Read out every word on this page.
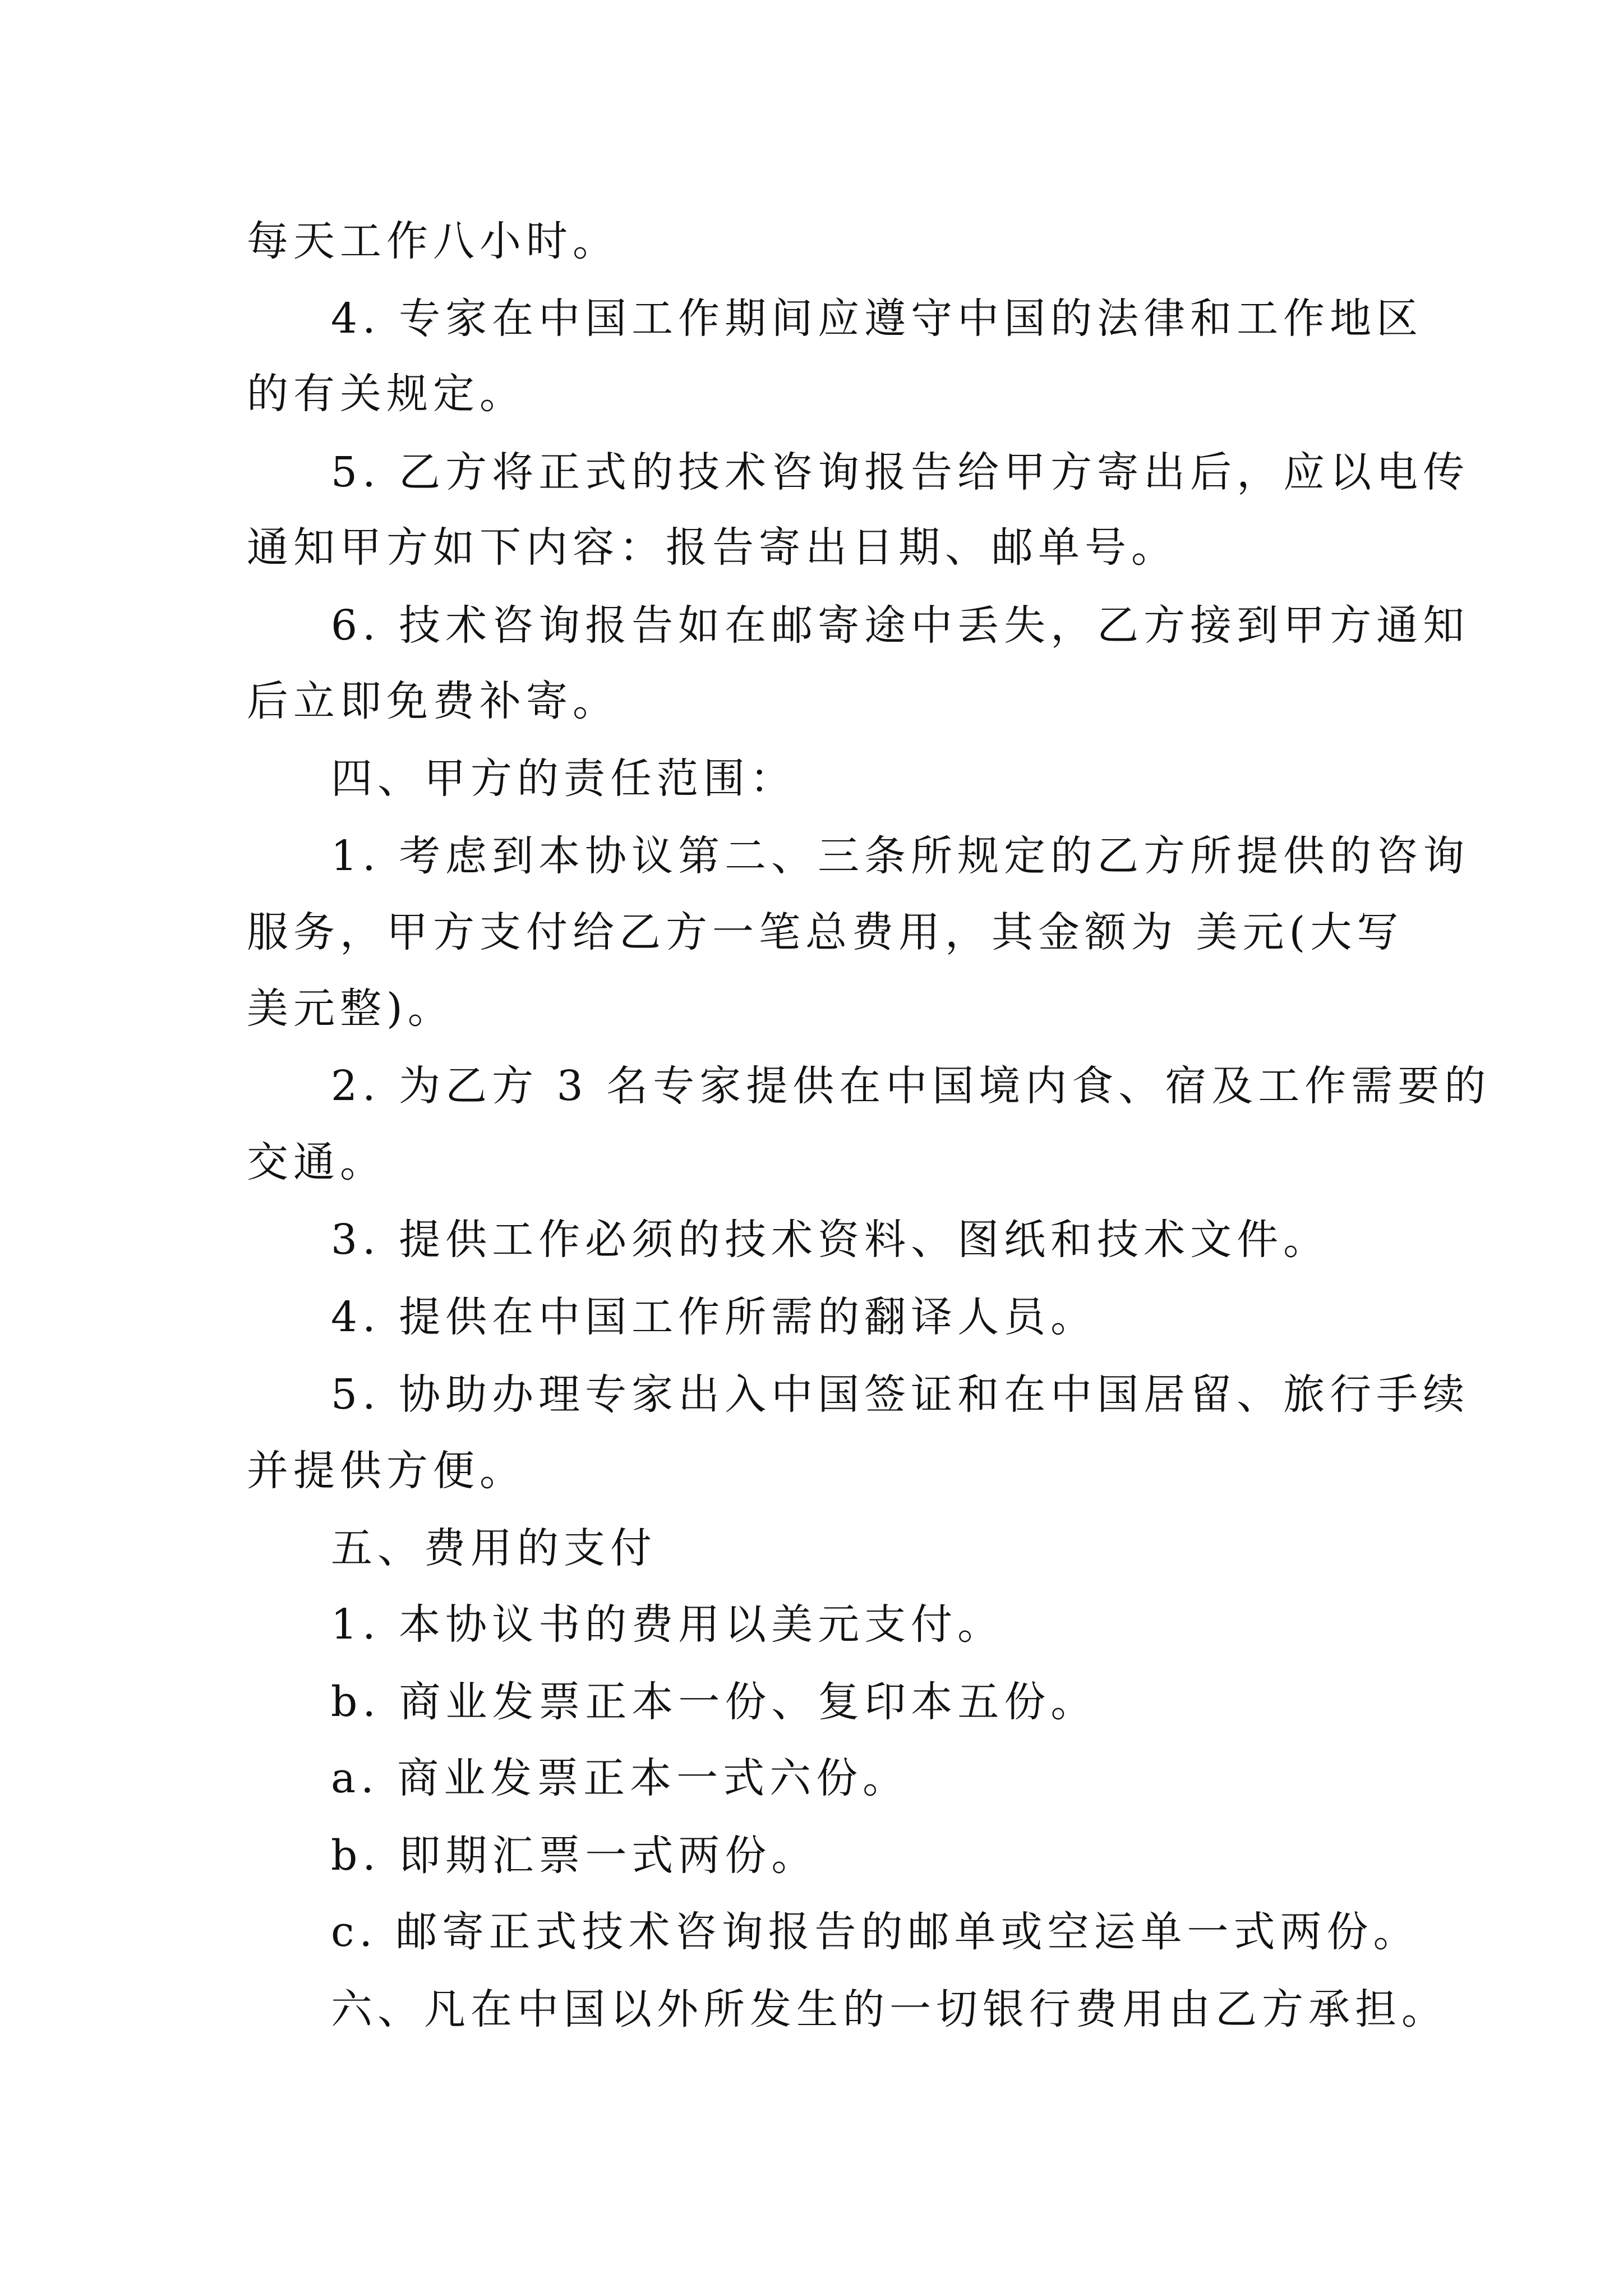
每天工作八小时。
4. 专家在中国工作期间应遵守中国的法律和工作地区
的有关规定。
5. 乙方将正式的技术咨询报告给甲方寄出后，应以电传
通知甲方如下内容：报告寄出日期、邮单号。
6. 技术咨询报告如在邮寄途中丢失，乙方接到甲方通知
后立即免费补寄。
四、甲方的责任范围：
1. 考虑到本协议第二、三条所规定的乙方所提供的咨询
服务，甲方支付给乙方一笔总费用，其金额为 美元(大写
美元整)。
2. 为乙方 3 名专家提供在中国境内食、宿及工作需要的
交通。
3. 提供工作必须的技术资料、图纸和技术文件。
4. 提供在中国工作所需的翻译人员。
5. 协助办理专家出入中国签证和在中国居留、旅行手续
并提供方便。
五、费用的支付
1. 本协议书的费用以美元支付。
b. 商业发票正本一份、复印本五份。
a. 商业发票正本一式六份。
b. 即期汇票一式两份。
c. 邮寄正式技术咨询报告的邮单或空运单一式两份。
六、凡在中国以外所发生的一切银行费用由乙方承担。
